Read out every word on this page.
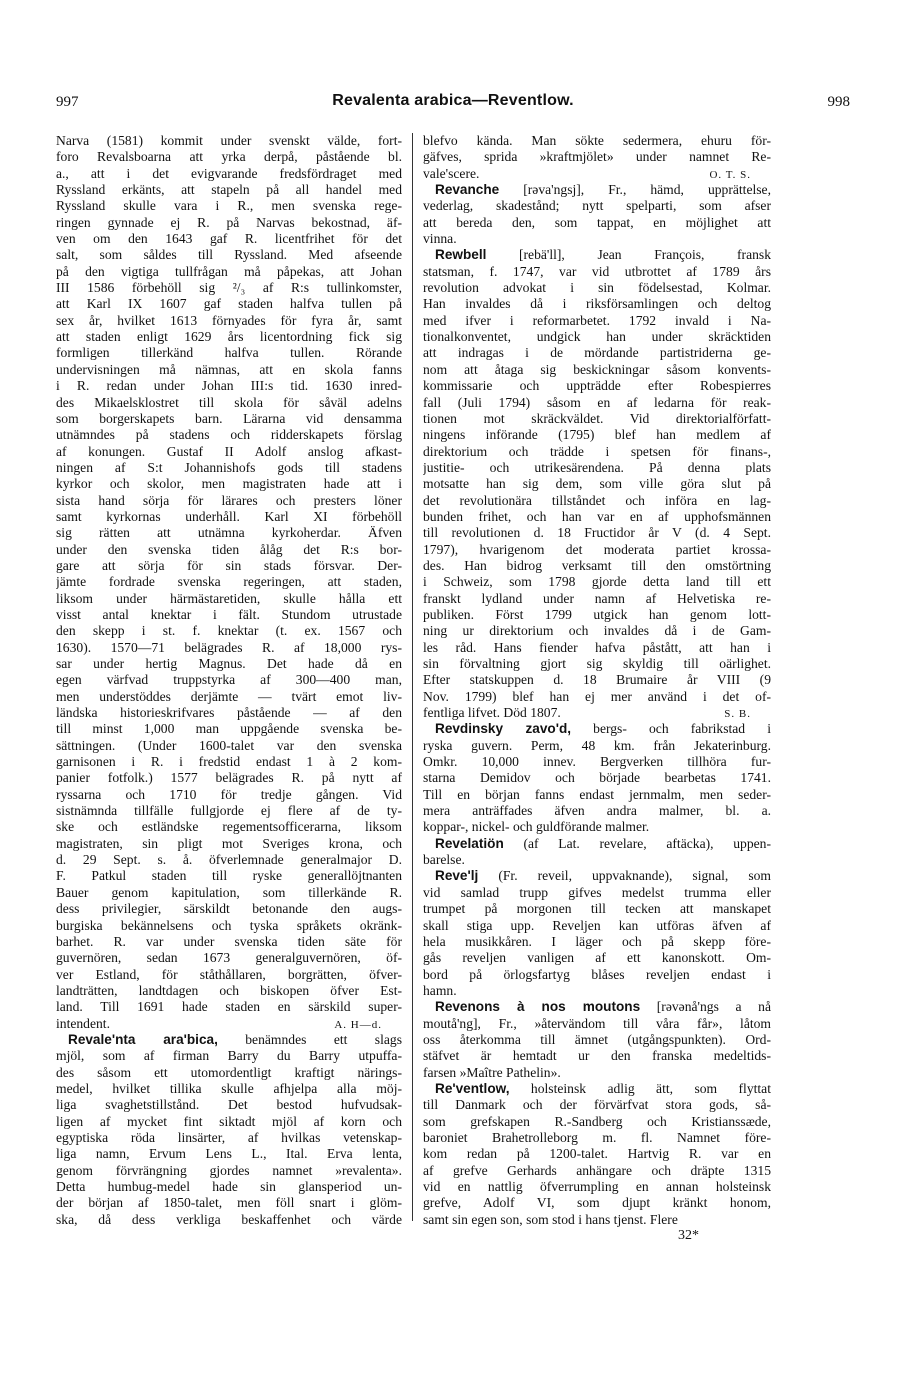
997	Revalenta arabica—Reventlow.	998
Narva (1581) kommit under svenskt välde, fort-
foro Revalsboarna att yrka derpå, påstående bl.
a., att i det evigvarande fredsfördraget med
Ryssland erkänts, att stapeln på all handel med
Ryssland skulle vara i R., men svenska rege-
ringen gynnade ej R. på Narvas bekostnad, äf-
ven om den 1643 gaf R. licentfrihet för det
salt, som såldes till Ryssland. Med afseende
på den vigtiga tullfrågan må påpekas, att Johan
III 1586 förbehöll sig ²/₃ af R:s tullinkomster,
att Karl IX 1607 gaf staden halfva tullen på
sex år, hvilket 1613 förnyades för fyra år, samt
att staden enligt 1629 års licentordning fick sig
formligen tillerkänd halfva tullen. Rörande
undervisningen må nämnas, att en skola fanns
i R. redan under Johan III:s tid. 1630 inred-
des Mikaelsklostret till skola för såväl adelns
som borgerskapets barn. Lärarna vid densamma
utnämndes på stadens och ridderskapets förslag
af konungen. Gustaf II Adolf anslog afkast-
ningen af S:t Johannishofs gods till stadens
kyrkor och skolor, men magistraten hade att i
sista hand sörja för lärares och presters löner
samt kyrkornas underhåll. Karl XI förbehöll
sig rätten att utnämna kyrkoherdar. Äfven
under den svenska tiden ålåg det R:s bor-
gare att sörja för sin stads försvar. Der-
jämte fordrade svenska regeringen, att staden,
liksom under härmästaretiden, skulle hålla ett
visst antal knektar i fält. Stundom utrustade
den skepp i st. f. knektar (t. ex. 1567 och
1630). 1570—71 belägrades R. af 18,000 rys-
sar under hertig Magnus. Det hade då en
egen värfvad truppstyrka af 300—400 man,
men understöddes derjämte — tvärt emot liv-
ländska historieskrifvares påstående — af den
till minst 1,000 man uppgående svenska be-
sättningen. (Under 1600-talet var den svenska
garnisonen i R. i fredstid endast 1 à 2 kom-
panier fotfolk.) 1577 belägrades R. på nytt af
ryssarna och 1710 för tredje gången. Vid
sistnämnda tillfälle fullgjorde ej flere af de ty-
ske och estländske regementsofficerarna, liksom
magistraten, sin pligt mot Sveriges krona, och
d. 29 Sept. s. å. öfverlemnade generalmajor D.
F. Patkul staden till ryske generallöjtnanten
Bauer genom kapitulation, som tillerkände R.
dess privilegier, särskildt betonande den augs-
burgiska bekännelsens och tyska språkets okränk-
barhet. R. var under svenska tiden säte för
guvernören, sedan 1673 generalguvernören, öf-
ver Estland, för ståthållaren, borgrätten, öfver-
landträtten, landtdagen och biskopen öfver Est-
land. Till 1691 hade staden en särskild super-
intendent.	A. H—d.
Revale'nta ara'bica, benämndes ett slags
mjöl, som af firman Barry du Barry utpuffa-
des såsom ett utomordentligt kraftigt närings-
medel, hvilket tillika skulle afhjelpa alla möj-
liga svaghetstillstånd. Det bestod hufvudsak-
ligen af mycket fint siktadt mjöl af korn och
egyptiska röda linsärter, af hvilkas vetenskap-
liga namn, Ervum Lens L., Ital. Erva lenta,
genom förvrängning gjordes namnet »revalenta».
Detta humbug-medel hade sin glansperiod un-
der början af 1850-talet, men föll snart i glöm-
ska, då dess verkliga beskaffenhet och värde
blefvo kända. Man sökte sedermera, ehuru för-
gäfves, sprida »kraftmjölet» under namnet Re-
vale'scere.	O. T. S.
Revanche [rəva'ngsj], Fr., hämd, upprättelse,
vederlag, skadestånd; nytt spelparti, som afser
att bereda den, som tappat, en möjlighet att
vinna.
Rewbell [rebä'll], Jean François, fransk
statsman, f. 1747, var vid utbrottet af 1789 års
revolution advokat i sin födelsestad, Kolmar.
Han invaldes då i riksförsamlingen och deltog
med ifver i reformarbetet. 1792 invald i Na-
tionalkonventet, undgick han under skräcktiden
att indragas i de mördande partistriderna ge-
nom att åtaga sig beskickningar såsom konvents-
kommissarie och uppträdde efter Robespierres
fall (Juli 1794) såsom en af ledarna för reak-
tionen mot skräckväldet. Vid direktorialförfatt-
ningens införande (1795) blef han medlem af
direktorium och trädde i spetsen för finans-,
justitie- och utrikesärendena. På denna plats
motsatte han sig dem, som ville göra slut på
det revolutionära tillståndet och införa en lag-
bunden frihet, och han var en af upphofsmännen
till revolutionen d. 18 Fructidor år V (d. 4 Sept.
1797), hvarigenom det moderata partiet krossa-
des. Han bidrog verksamt till den omstörtning
i Schweiz, som 1798 gjorde detta land till ett
franskt lydland under namn af Helvetiska re-
publiken. Först 1799 utgick han genom lott-
ning ur direktorium och invaldes då i de Gam-
les råd. Hans fiender hafva påstått, att han i
sin förvaltning gjort sig skyldig till oärlighet.
Efter statskuppen d. 18 Brumaire år VIII (9
Nov. 1799) blef han ej mer använd i det of-
fentliga lifvet. Död 1807.	S. B.
Revdinsky zavo'd, bergs- och fabrikstad i
ryska guvern. Perm, 48 km. från Jekaterinburg.
Omkr. 10,000 innev. Bergverken tillhöra fur-
starna Demidov och började bearbetas 1741.
Till en början fanns endast jernmalm, men seder-
mera anträffades äfven andra malmer, bl. a.
koppar-, nickel- och guldförande malmer.
Revelatiön (af Lat. revelare, aftäcka), uppen-
barelse.
Reve'lj (Fr. reveil, uppvaknande), signal, som
vid samlad trupp gifves medelst trumma eller
trumpet på morgonen till tecken att manskapet
skall stiga upp. Reveljen kan utföras äfven af
hela musikkåren. I läger och på skepp före-
gås reveljen vanligen af ett kanonskott. Om-
bord på örlogsfartyg blåses reveljen endast i
hamn.
Revenons à nos moutons [rəvənå'ngs a nå
moutå'ng], Fr., »återvändom till våra får», låtom
oss återkomma till ämnet (utgångspunkten). Ord-
stäfvet är hemtadt ur den franska medeltids-
farsen »Maître Pathelin».
Re'ventlow, holsteinsk adlig ätt, som flyttat
till Danmark och der förvärfvat stora gods, så-
som grefskapen R.-Sandberg och Kristianssæde,
baroniet Brahetrolleborg m. fl. Namnet före-
kom redan på 1200-talet. Hartvig R. var en
af grefve Gerhards anhängare och dräpte 1315
vid en nattlig öfverrumpling en annan holsteinsk
grefve, Adolf VI, som djupt kränkt honom,
samt sin egen son, som stod i hans tjenst. Flere
32*
